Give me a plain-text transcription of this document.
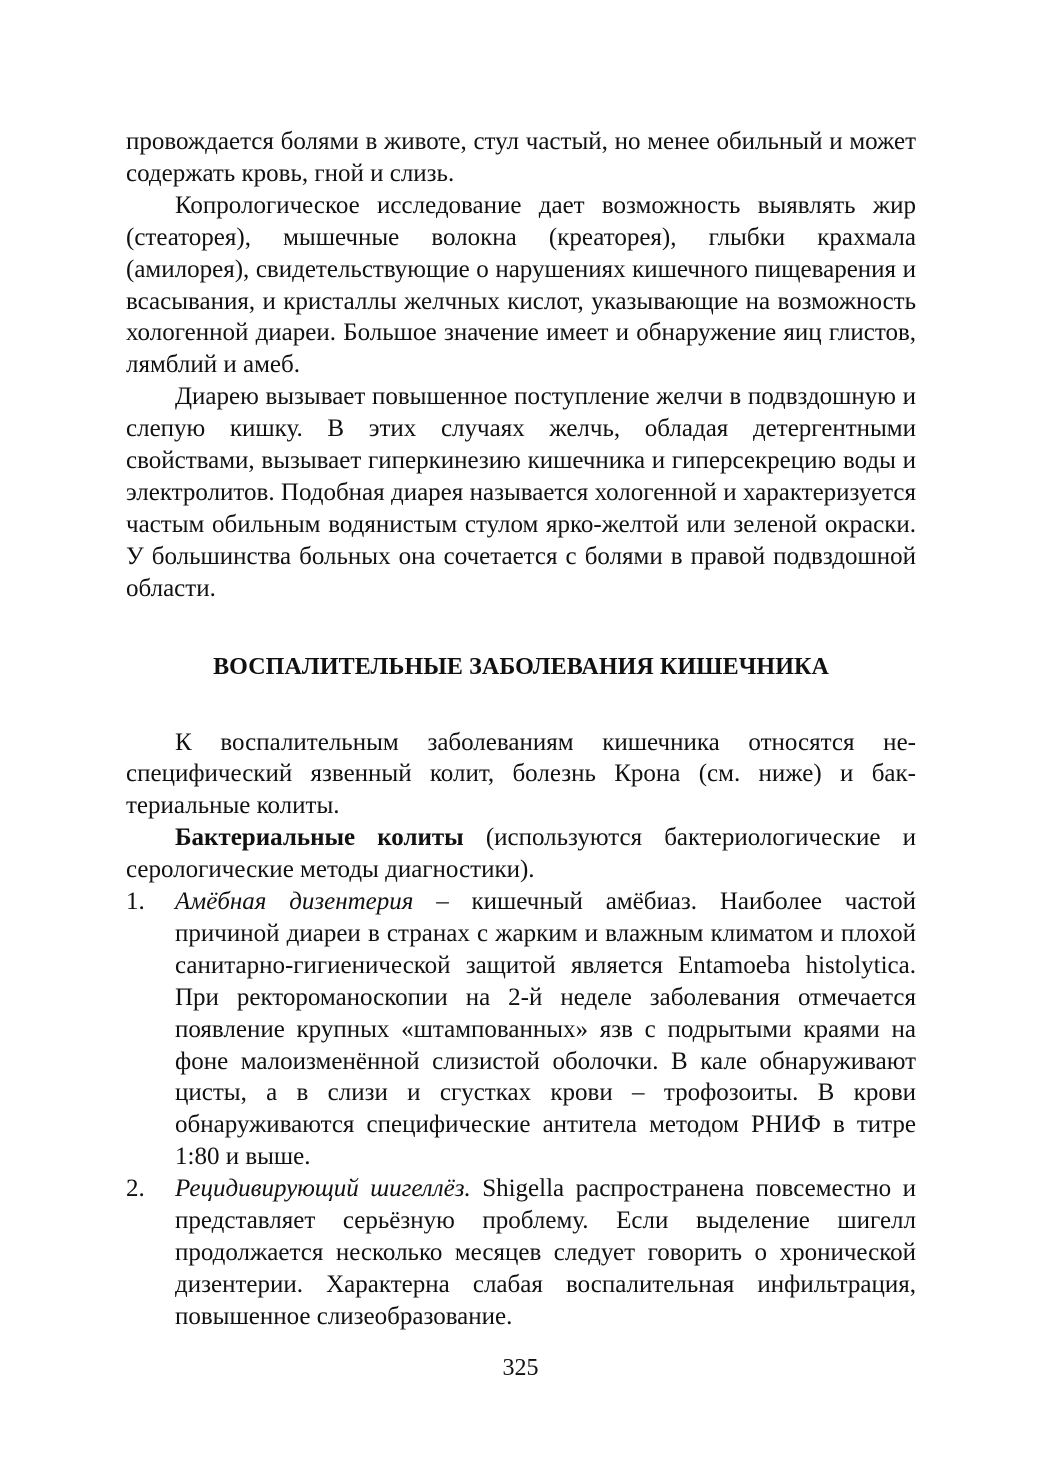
провождается болями в животе, стул частый, но менее обильный и может содержать кровь, гной и слизь.

Копрологическое исследование дает возможность выявлять жир (стеаторея), мышечные волокна (креаторея), глыбки крахмала (амилорея), свидетельствующие о нарушениях кишечного пищеварения и всасывания, и кристаллы желчных кислот, указывающие на возможность хологенной диареи. Большое значение имеет и обнаружение яиц глистов, лямблий и амеб.

Диарею вызывает повышенное поступление желчи в подвздошную и слепую кишку. В этих случаях желчь, обладая детергентными свойствами, вызывает гиперкинезию кишечника и гиперсекрецию воды и электролитов. Подобная диарея называется хологенной и характеризуется частым обильным водянистым стулом ярко-желтой или зеленой окраски. У большинства больных она сочетается с болями в правой подвздошной области.

ВОСПАЛИТЕЛЬНЫЕ ЗАБОЛЕВАНИЯ КИШЕЧНИКА

К воспалительным заболеваниям кишечника относятся неспецифический язвенный колит, болезнь Крона (см. ниже) и бактериальные колиты.

Бактериальные колиты (используются бактериологические и серологические методы диагностики).

1. Амёбная дизентерия – кишечный амёбиаз. Наиболее частой причиной диареи в странах с жарким и влажным климатом и плохой санитарно-гигиенической защитой является Entamoeba histolytica. При ректороманоскопии на 2-й неделе заболевания отмечается появление крупных «штампованных» язв с подрытыми краями на фоне малоизменённой слизистой оболочки. В кале обнаруживают цисты, а в слизи и сгустках крови – трофозоиты. В крови обнаруживаются специфические антитела методом РНИФ в титре 1:80 и выше.
2. Рецидивирующий шигеллёз. Shigella распространена повсеместно и представляет серьёзную проблему. Если выделение шигелл продолжается несколько месяцев следует говорить о хронической дизентерии. Характерна слабая воспалительная инфильтрация, повышенное слизеобразование.
325
